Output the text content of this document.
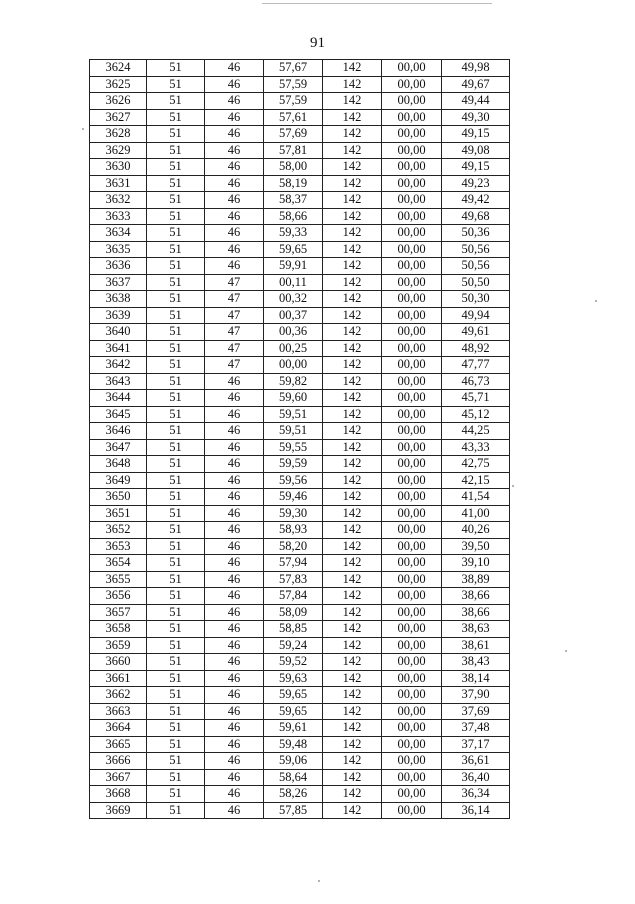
91
3624	51	46	57,67	142	00,00	49,98
3625	51	46	57,59	142	00,00	49,67
3626	51	46	57,59	142	00,00	49,44
3627	51	46	57,61	142	00,00	49,30
3628	51	46	57,69	142	00,00	49,15
3629	51	46	57,81	142	00,00	49,08
3630	51	46	58,00	142	00,00	49,15
3631	51	46	58,19	142	00,00	49,23
3632	51	46	58,37	142	00,00	49,42
3633	51	46	58,66	142	00,00	49,68
3634	51	46	59,33	142	00,00	50,36
3635	51	46	59,65	142	00,00	50,56
3636	51	46	59,91	142	00,00	50,56
3637	51	47	00,11	142	00,00	50,50
3638	51	47	00,32	142	00,00	50,30
3639	51	47	00,37	142	00,00	49,94
3640	51	47	00,36	142	00,00	49,61
3641	51	47	00,25	142	00,00	48,92
3642	51	47	00,00	142	00,00	47,77
3643	51	46	59,82	142	00,00	46,73
3644	51	46	59,60	142	00,00	45,71
3645	51	46	59,51	142	00,00	45,12
3646	51	46	59,51	142	00,00	44,25
3647	51	46	59,55	142	00,00	43,33
3648	51	46	59,59	142	00,00	42,75
3649	51	46	59,56	142	00,00	42,15
3650	51	46	59,46	142	00,00	41,54
3651	51	46	59,30	142	00,00	41,00
3652	51	46	58,93	142	00,00	40,26
3653	51	46	58,20	142	00,00	39,50
3654	51	46	57,94	142	00,00	39,10
3655	51	46	57,83	142	00,00	38,89
3656	51	46	57,84	142	00,00	38,66
3657	51	46	58,09	142	00,00	38,66
3658	51	46	58,85	142	00,00	38,63
3659	51	46	59,24	142	00,00	38,61
3660	51	46	59,52	142	00,00	38,43
3661	51	46	59,63	142	00,00	38,14
3662	51	46	59,65	142	00,00	37,90
3663	51	46	59,65	142	00,00	37,69
3664	51	46	59,61	142	00,00	37,48
3665	51	46	59,48	142	00,00	37,17
3666	51	46	59,06	142	00,00	36,61
3667	51	46	58,64	142	00,00	36,40
3668	51	46	58,26	142	00,00	36,34
3669	51	46	57,85	142	00,00	36,14
